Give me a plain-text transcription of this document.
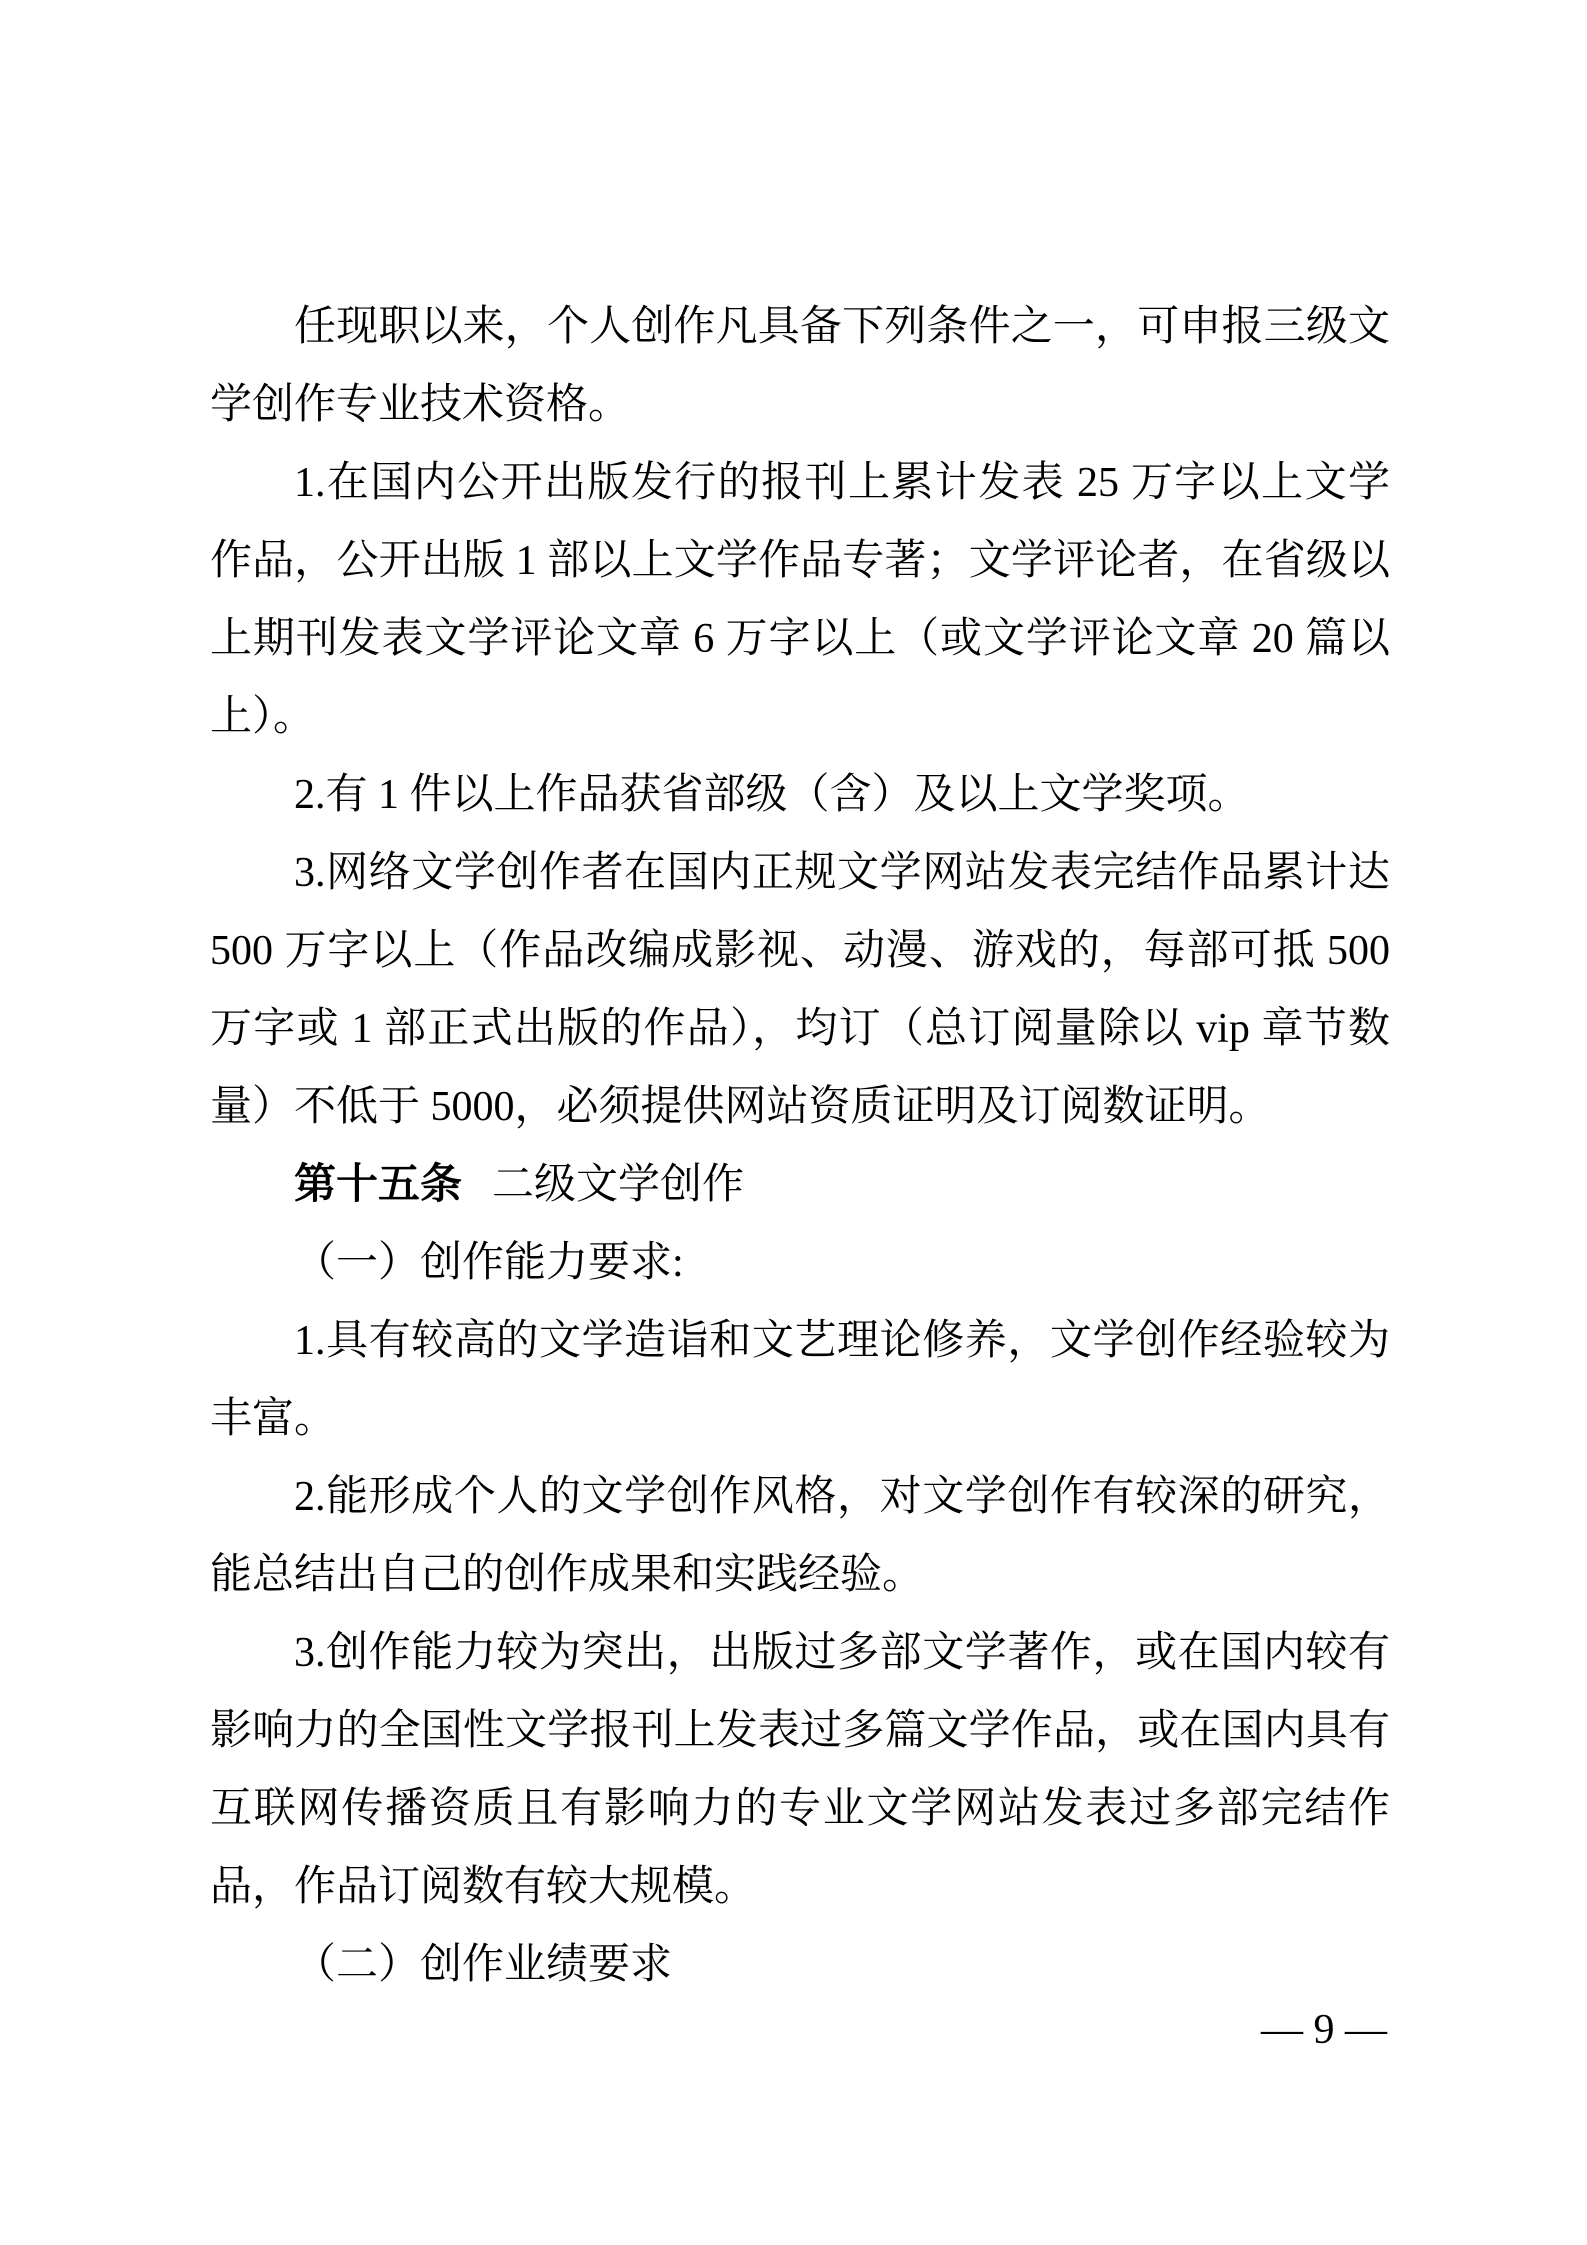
任现职以来，个人创作凡具备下列条件之一，可申报三级文学创作专业技术资格。

1.在国内公开出版发行的报刊上累计发表 25 万字以上文学作品，公开出版 1 部以上文学作品专著；文学评论者，在省级以上期刊发表文学评论文章 6 万字以上（或文学评论文章 20 篇以上）。

2.有 1 件以上作品获省部级（含）及以上文学奖项。

3.网络文学创作者在国内正规文学网站发表完结作品累计达 500 万字以上（作品改编成影视、动漫、游戏的，每部可抵 500 万字或 1 部正式出版的作品），均订（总订阅量除以 vip 章节数量）不低于 5000，必须提供网站资质证明及订阅数证明。

第十五条 二级文学创作

（一）创作能力要求:

1.具有较高的文学造诣和文艺理论修养，文学创作经验较为丰富。

2.能形成个人的文学创作风格，对文学创作有较深的研究，能总结出自己的创作成果和实践经验。

3.创作能力较为突出，出版过多部文学著作，或在国内较有影响力的全国性文学报刊上发表过多篇文学作品，或在国内具有互联网传播资质且有影响力的专业文学网站发表过多部完结作品，作品订阅数有较大规模。

（二）创作业绩要求

— 9 —
